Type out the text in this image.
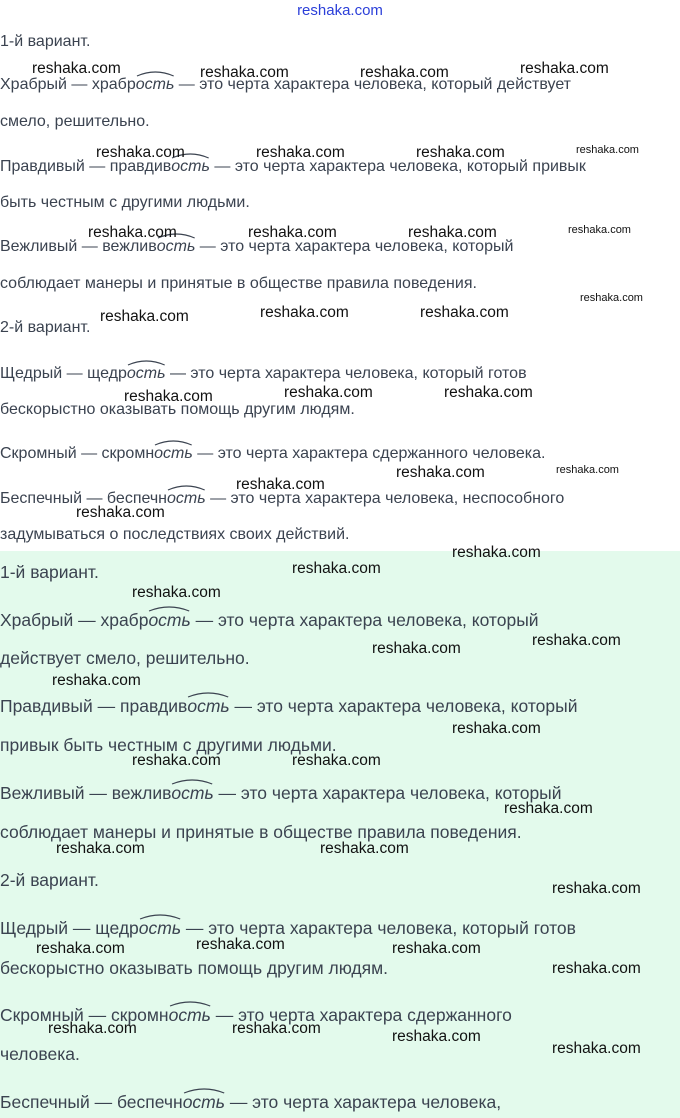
reshaka.com
1-й вариант.
Храбрый — храбр
ость — это черта характера человека, который действует
смело, решительно.
Правдивый — правдив
ость — это черта характера человека, который привык
быть честным с другими людьми.
Вежливый — вежлив
ость — это черта характера человека, который
соблюдает манеры и принятые в обществе правила поведения.
2-й вариант.
Щедрый — щедр
ость — это черта характера человека, который готов
бескорыстно оказывать помощь другим людям.
Скромный — скромн
ость — это черта характера сдержанного человека.
Беспечный — беспечн
ость — это черта характера человека, неспособного
задумываться о последствиях своих действий.
1-й вариант.
Храбрый — храбр
ость — это черта характера человека, который
действует смело, решительно.
Правдивый — правдив
ость — это черта характера человека, который
привык быть честным с другими людьми.
Вежливый — вежлив
ость — это черта характера человека, который
соблюдает манеры и принятые в обществе правила поведения.
2-й вариант.
Щедрый — щедр
ость — это черта характера человека, который готов
бескорыстно оказывать помощь другим людям.
Скромный — скромн
ость — это черта характера сдержанного
человека.
Беспечный — беспечн
ость — это черта характера человека,
reshaka.com	reshaka.com	reshaka.com	reshaka.com
reshaka.com	reshaka.com	reshaka.com	reshaka.com
reshaka.com	reshaka.com	reshaka.com	reshaka.com
reshaka.com
reshaka.com	reshaka.com	reshaka.com
reshaka.com	reshaka.com	reshaka.com
reshaka.com	reshaka.com
reshaka.com
reshaka.com
reshaka.com
reshaka.com
reshaka.com
reshaka.com
reshaka.com
reshaka.com
reshaka.com
reshaka.com	reshaka.com
reshaka.com
reshaka.com	reshaka.com
reshaka.com
reshaka.com
reshaka.com	reshaka.com
reshaka.com
reshaka.com	reshaka.com	reshaka.com
reshaka.com
